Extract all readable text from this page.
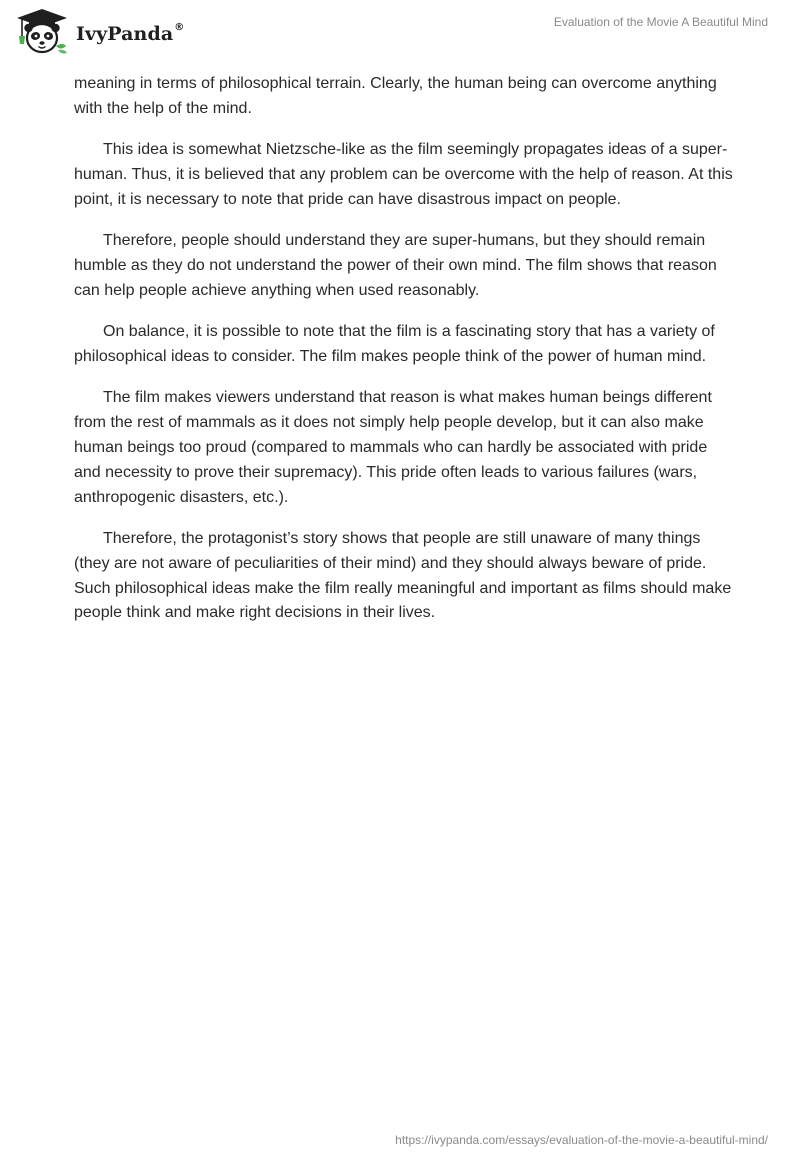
IvyPanda®	Evaluation of the Movie A Beautiful Mind

meaning in terms of philosophical terrain. Clearly, the human being can overcome anything with the help of the mind.

This idea is somewhat Nietzsche-like as the film seemingly propagates ideas of a super-human. Thus, it is believed that any problem can be overcome with the help of reason. At this point, it is necessary to note that pride can have disastrous impact on people.

Therefore, people should understand they are super-humans, but they should remain humble as they do not understand the power of their own mind. The film shows that reason can help people achieve anything when used reasonably.

On balance, it is possible to note that the film is a fascinating story that has a variety of philosophical ideas to consider. The film makes people think of the power of human mind.

The film makes viewers understand that reason is what makes human beings different from the rest of mammals as it does not simply help people develop, but it can also make human beings too proud (compared to mammals who can hardly be associated with pride and necessity to prove their supremacy). This pride often leads to various failures (wars, anthropogenic disasters, etc.).

Therefore, the protagonist’s story shows that people are still unaware of many things (they are not aware of peculiarities of their mind) and they should always beware of pride. Such philosophical ideas make the film really meaningful and important as films should make people think and make right decisions in their lives.

https://ivypanda.com/essays/evaluation-of-the-movie-a-beautiful-mind/
